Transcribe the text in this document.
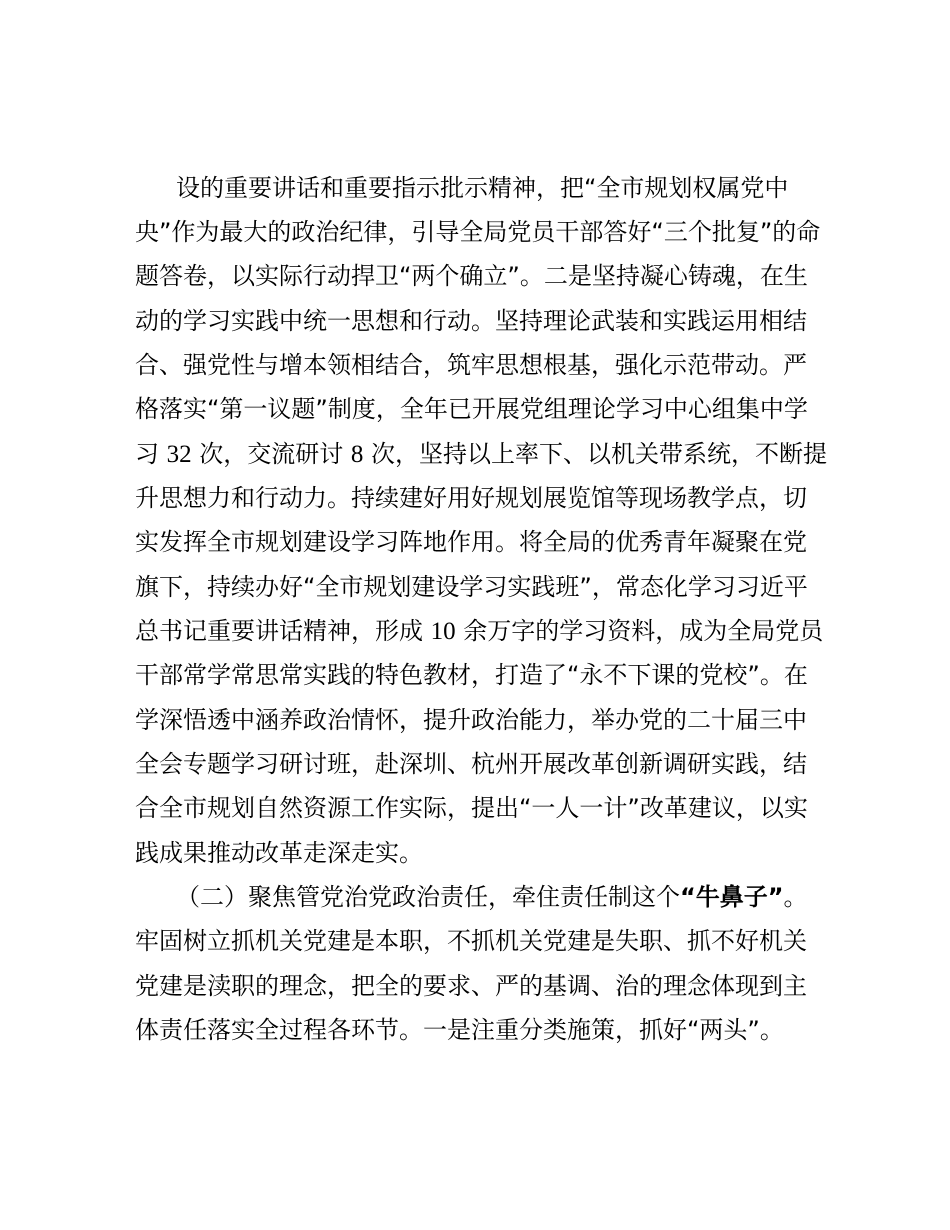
设的重要讲话和重要指示批示精神，把“全市规划权属党中
央”作为最大的政治纪律，引导全局党员干部答好“三个批复”的命
题答卷，以实际行动捍卫“两个确立”。二是坚持凝心铸魂，在生
动的学习实践中统一思想和行动。坚持理论武装和实践运用相结
合、强党性与增本领相结合，筑牢思想根基，强化示范带动。严
格落实“第一议题”制度，全年已开展党组理论学习中心组集中学
习 32 次，交流研讨 8 次，坚持以上率下、以机关带系统，不断提
升思想力和行动力。持续建好用好规划展览馆等现场教学点，切
实发挥全市规划建设学习阵地作用。将全局的优秀青年凝聚在党
旗下，持续办好“全市规划建设学习实践班”，常态化学习习近平
总书记重要讲话精神，形成 10 余万字的学习资料，成为全局党员
干部常学常思常实践的特色教材，打造了“永不下课的党校”。在
学深悟透中涵养政治情怀，提升政治能力，举办党的二十届三中
全会专题学习研讨班，赴深圳、杭州开展改革创新调研实践，结
合全市规划自然资源工作实际，提出“一人一计”改革建议，以实
践成果推动改革走深走实。
（二）聚焦管党治党政治责任，牵住责任制这个“牛鼻子”。
牢固树立抓机关党建是本职，不抓机关党建是失职、抓不好机关
党建是渎职的理念，把全的要求、严的基调、治的理念体现到主
体责任落实全过程各环节。一是注重分类施策，抓好“两头”。
